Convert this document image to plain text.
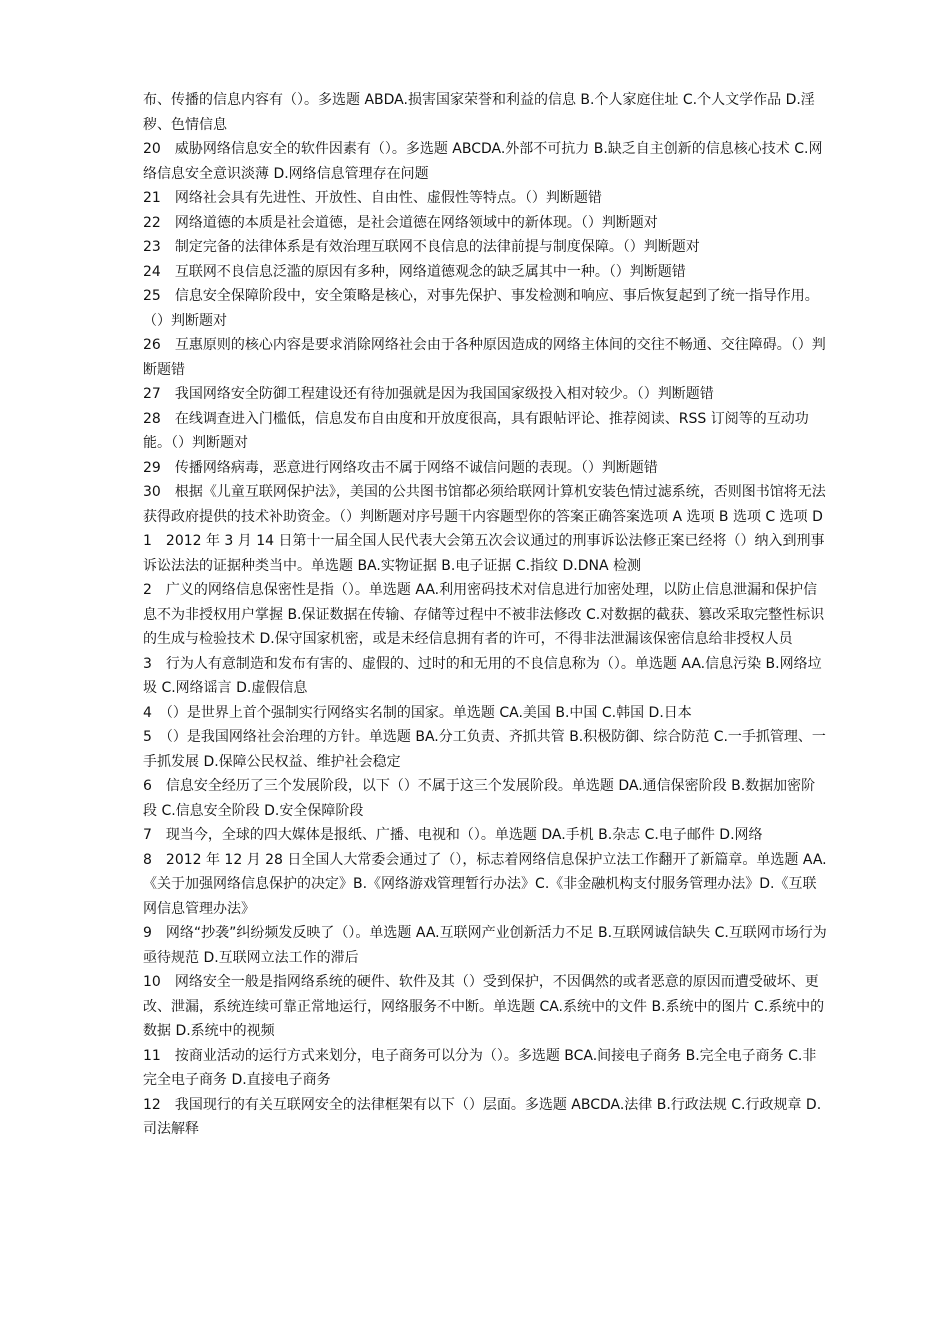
布、传播的信息内容有（）。多选题 ABDA.损害国家荣誉和利益的信息 B.个人家庭住址 C.个人文学作品 D.淫秽、色情信息

20　威胁网络信息安全的软件因素有（）。多选题 ABCDA.外部不可抗力 B.缺乏自主创新的信息核心技术 C.网络信息安全意识淡薄 D.网络信息管理存在问题

21　网络社会具有先进性、开放性、自由性、虚假性等特点。（）判断题错

22　网络道德的本质是社会道德，是社会道德在网络领域中的新体现。（）判断题对

23　制定完备的法律体系是有效治理互联网不良信息的法律前提与制度保障。（）判断题对

24　互联网不良信息泛滥的原因有多种，网络道德观念的缺乏属其中一种。（）判断题错

25　信息安全保障阶段中，安全策略是核心，对事先保护、事发检测和响应、事后恢复起到了统一指导作用。（）判断题对

26　互惠原则的核心内容是要求消除网络社会由于各种原因造成的网络主体间的交往不畅通、交往障碍。（）判断题错

27　我国网络安全防御工程建设还有待加强就是因为我国国家级投入相对较少。（）判断题错

28　在线调查进入门槛低，信息发布自由度和开放度很高，具有跟帖评论、推荐阅读、RSS 订阅等的互动功能。（）判断题对

29　传播网络病毒，恶意进行网络攻击不属于网络不诚信问题的表现。（）判断题错

30　根据《儿童互联网保护法》，美国的公共图书馆都必须给联网计算机安装色情过滤系统，否则图书馆将无法获得政府提供的技术补助资金。（）判断题对序号题干内容题型你的答案正确答案选项 A 选项 B 选项 C 选项 D

1　2012 年 3 月 14 日第十一届全国人民代表大会第五次会议通过的刑事诉讼法修正案已经将（）纳入到刑事诉讼法法的证据种类当中。单选题 BA.实物证据 B.电子证据 C.指纹 D.DNA 检测

2　广义的网络信息保密性是指（）。单选题 AA.利用密码技术对信息进行加密处理，以防止信息泄漏和保护信息不为非授权用户掌握 B.保证数据在传输、存储等过程中不被非法修改 C.对数据的截获、篡改采取完整性标识的生成与检验技术 D.保守国家机密，或是未经信息拥有者的许可，不得非法泄漏该保密信息给非授权人员

3　行为人有意制造和发布有害的、虚假的、过时的和无用的不良信息称为（）。单选题 AA.信息污染 B.网络垃圾 C.网络谣言 D.虚假信息

4　（）是世界上首个强制实行网络实名制的国家。单选题 CA.美国 B.中国 C.韩国 D.日本

5　（）是我国网络社会治理的方针。单选题 BA.分工负责、齐抓共管 B.积极防御、综合防范 C.一手抓管理、一手抓发展 D.保障公民权益、维护社会稳定

6　信息安全经历了三个发展阶段，以下（）不属于这三个发展阶段。单选题 DA.通信保密阶段 B.数据加密阶段 C.信息安全阶段 D.安全保障阶段

7　现当今，全球的四大媒体是报纸、广播、电视和（）。单选题 DA.手机 B.杂志 C.电子邮件 D.网络

8　2012 年 12 月 28 日全国人大常委会通过了（），标志着网络信息保护立法工作翻开了新篇章。单选题 AA.《关于加强网络信息保护的决定》B.《网络游戏管理暂行办法》C.《非金融机构支付服务管理办法》D.《互联网信息管理办法》

9　网络“抄袭”纠纷频发反映了（）。单选题 AA.互联网产业创新活力不足 B.互联网诚信缺失 C.互联网市场行为亟待规范 D.互联网立法工作的滞后

10　网络安全一般是指网络系统的硬件、软件及其（）受到保护，不因偶然的或者恶意的原因而遭受破坏、更改、泄漏，系统连续可靠正常地运行，网络服务不中断。单选题 CA.系统中的文件 B.系统中的图片 C.系统中的数据 D.系统中的视频

11　按商业活动的运行方式来划分，电子商务可以分为（）。多选题 BCA.间接电子商务 B.完全电子商务 C.非完全电子商务 D.直接电子商务

12　我国现行的有关互联网安全的法律框架有以下（）层面。多选题 ABCDA.法律 B.行政法规 C.行政规章 D.司法解释
